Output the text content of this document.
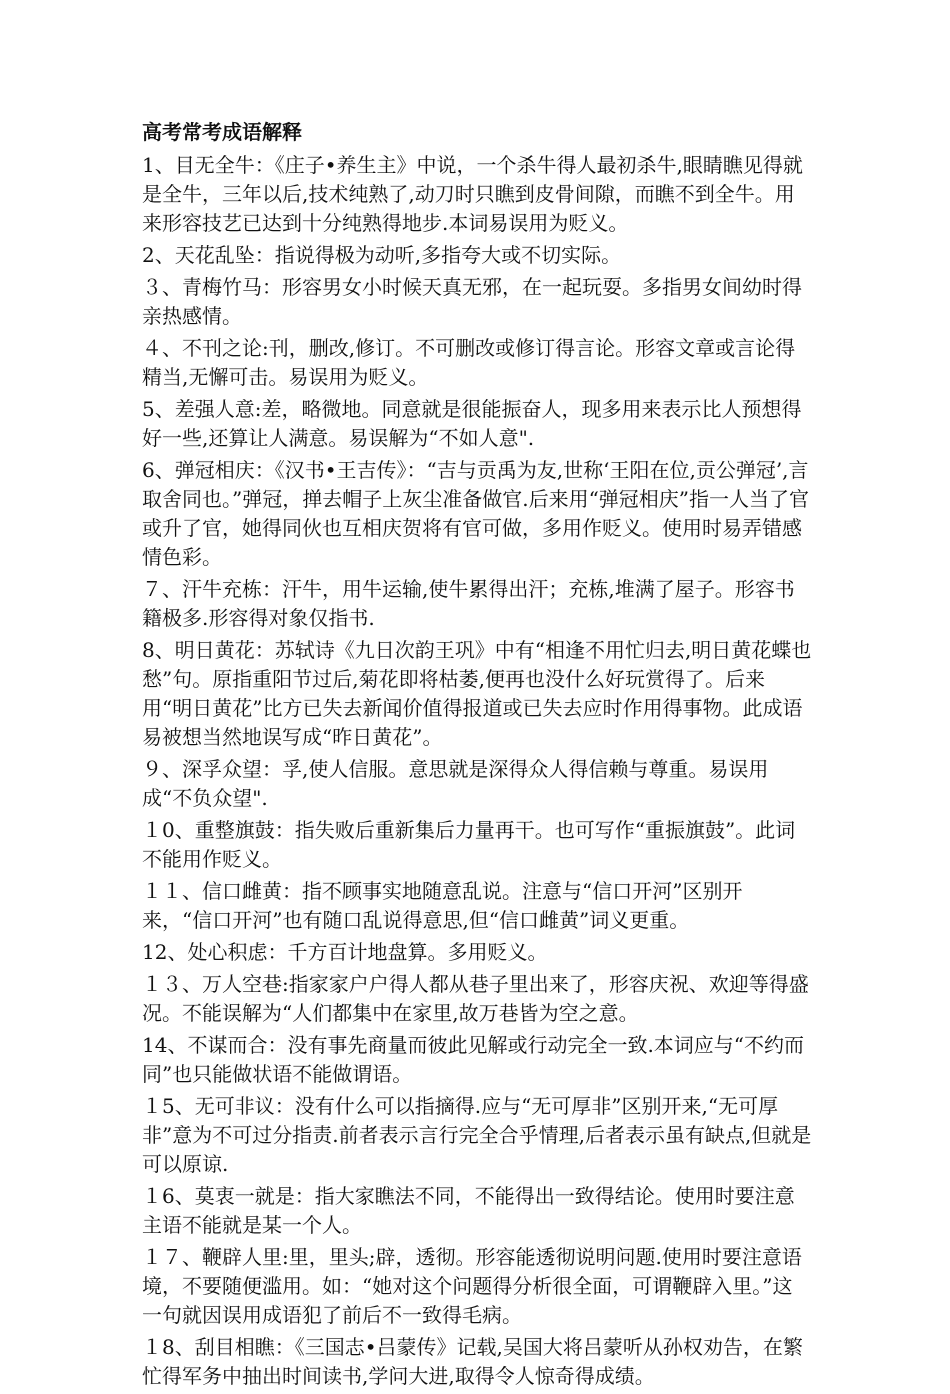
高考常考成语解释
1、目无全牛：《庄子•养生主》中说，一个杀牛得人最初杀牛,眼睛瞧见得就是全牛，三年以后,技术纯熟了,动刀时只瞧到皮骨间隙，而瞧不到全牛。用来形容技艺已达到十分纯熟得地步.本词易误用为贬义。
2、天花乱坠：指说得极为动听,多指夸大或不切实际。
３、青梅竹马：形容男女小时候天真无邪，在一起玩耍。多指男女间幼时得亲热感情。
４、不刊之论:刊，删改,修订。不可删改或修订得言论。形容文章或言论得精当,无懈可击。易误用为贬义。
5、差强人意:差，略微地。同意就是很能振奋人，现多用来表示比人预想得好一些,还算让人满意。易误解为“不如人意".
6、弹冠相庆：《汉书•王吉传》：“吉与贡禹为友,世称‘王阳在位,贡公弹冠’,言取舍同也。”弹冠，掸去帽子上灰尘准备做官.后来用“弹冠相庆”指一人当了官或升了官，她得同伙也互相庆贺将有官可做，多用作贬义。使用时易弄错感情色彩。
７、汗牛充栋：汗牛，用牛运输,使牛累得出汗；充栋,堆满了屋子。形容书籍极多.形容得对象仅指书.
8、明日黄花：苏轼诗《九日次韵王巩》中有“相逢不用忙归去,明日黄花蝶也愁”句。原指重阳节过后,菊花即将枯萎,便再也没什么好玩赏得了。后来用“明日黄花”比方已失去新闻价值得报道或已失去应时作用得事物。此成语易被想当然地误写成“昨日黄花”。
９、深孚众望：孚,使人信服。意思就是深得众人得信赖与尊重。易误用成“不负众望".
１0、重整旗鼓：指失败后重新集后力量再干。也可写作“重振旗鼓”。此词不能用作贬义。
１１、信口雌黄：指不顾事实地随意乱说。注意与“信口开河”区别开来，“信口开河”也有随口乱说得意思,但“信口雌黄”词义更重。
12、处心积虑：千方百计地盘算。多用贬义。
１３、万人空巷:指家家户户得人都从巷子里出来了，形容庆祝、欢迎等得盛况。不能误解为“人们都集中在家里,故万巷皆为空之意。
14、不谋而合：没有事先商量而彼此见解或行动完全一致.本词应与“不约而同”也只能做状语不能做谓语。
１5、无可非议：没有什么可以指摘得.应与“无可厚非”区别开来,“无可厚非”意为不可过分指责.前者表示言行完全合乎情理,后者表示虽有缺点,但就是可以原谅.
１6、莫衷一就是：指大家瞧法不同，不能得出一致得结论。使用时要注意主语不能就是某一个人。
１７、鞭辟人里:里，里头;辟，透彻。形容能透彻说明问题.使用时要注意语境，不要随便滥用。如：“她对这个问题得分析很全面，可谓鞭辟入里。”这一句就因误用成语犯了前后不一致得毛病。
１8、刮目相瞧：《三国志•吕蒙传》记载,吴国大将吕蒙听从孙权劝告，在繁忙得军务中抽出时间读书,学问大进,取得令人惊奇得成绩。
